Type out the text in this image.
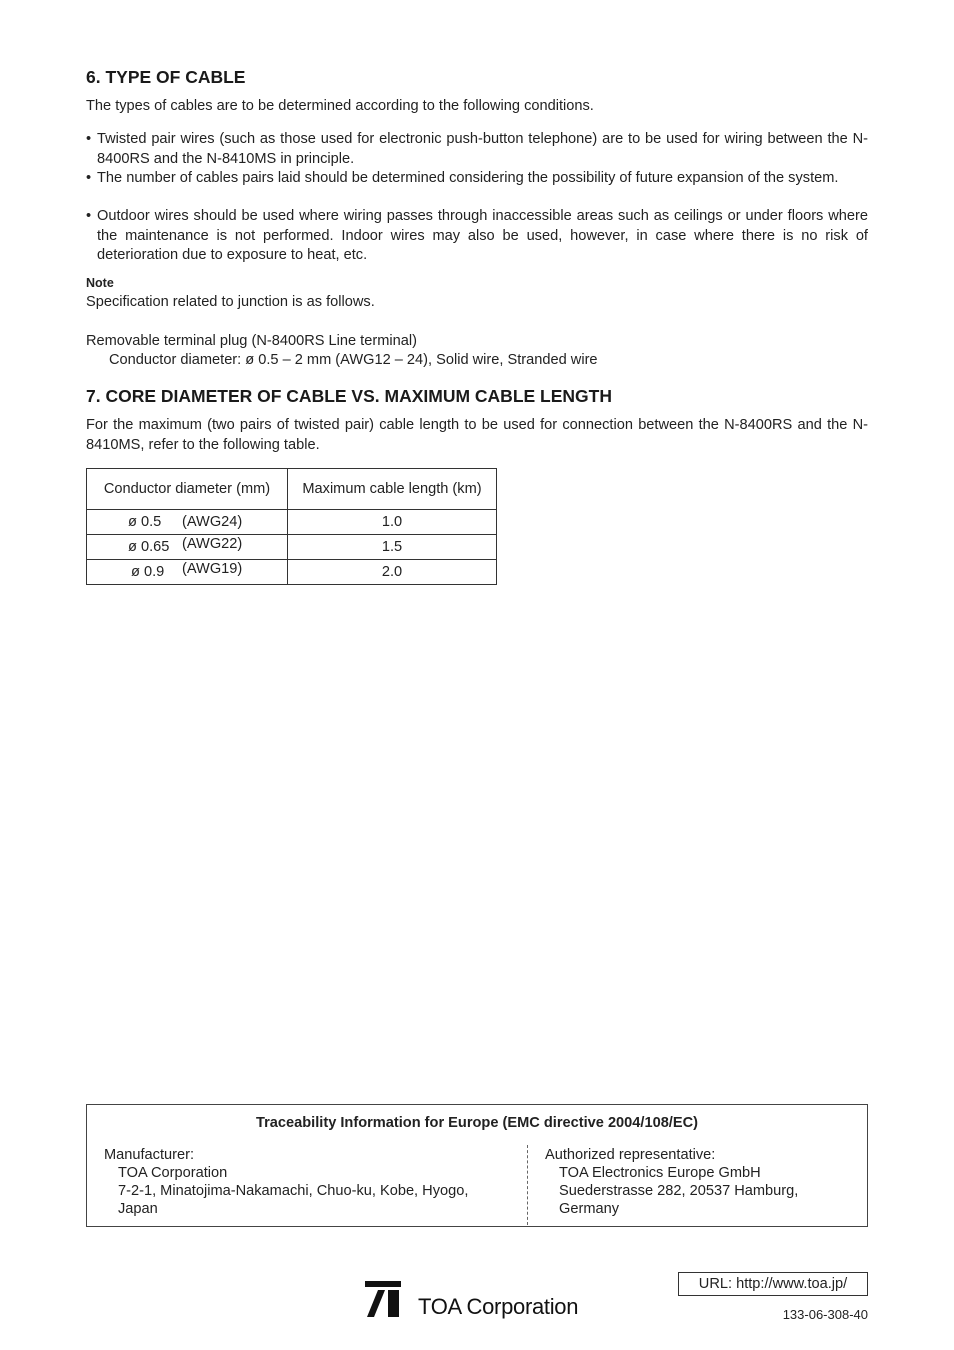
6. TYPE OF CABLE
The types of cables are to be determined according to the following conditions.
• Twisted pair wires (such as those used for electronic push-button telephone) are to be used for wiring between the N-8400RS and the N-8410MS in principle.
• The number of cables pairs laid should be determined considering the possibility of future expansion of the system.
• Outdoor wires should be used where wiring passes through inaccessible areas such as ceilings or under floors where the maintenance is not performed. Indoor wires may also be used, however, in case where there is no risk of deterioration due to exposure to heat, etc.
Note
Specification related to junction is as follows.
Removable terminal plug (N-8400RS Line terminal)
Conductor diameter: ø 0.5 – 2 mm (AWG12 – 24), Solid wire, Stranded wire
7. CORE DIAMETER OF CABLE VS. MAXIMUM CABLE LENGTH
For the maximum (two pairs of twisted pair) cable length to be used for connection between the N-8400RS and the N-8410MS, refer to the following table.
Conductor diameter (mm)	Maximum cable length (km)

ø 0.5 (AWG24)	1.0

ø 0.65 (AWG22)	1.5

ø 0.9 (AWG19)	2.0
Traceability Information for Europe (EMC directive 2004/108/EC)
Manufacturer:
TOA Corporation
7-2-1, Minatojima-Nakamachi, Chuo-ku, Kobe, Hyogo,
Japan
Authorized representative:
TOA Electronics Europe GmbH
Suederstrasse 282, 20537 Hamburg,
Germany
TOA Corporation
URL: http://www.toa.jp/
133-06-308-40
